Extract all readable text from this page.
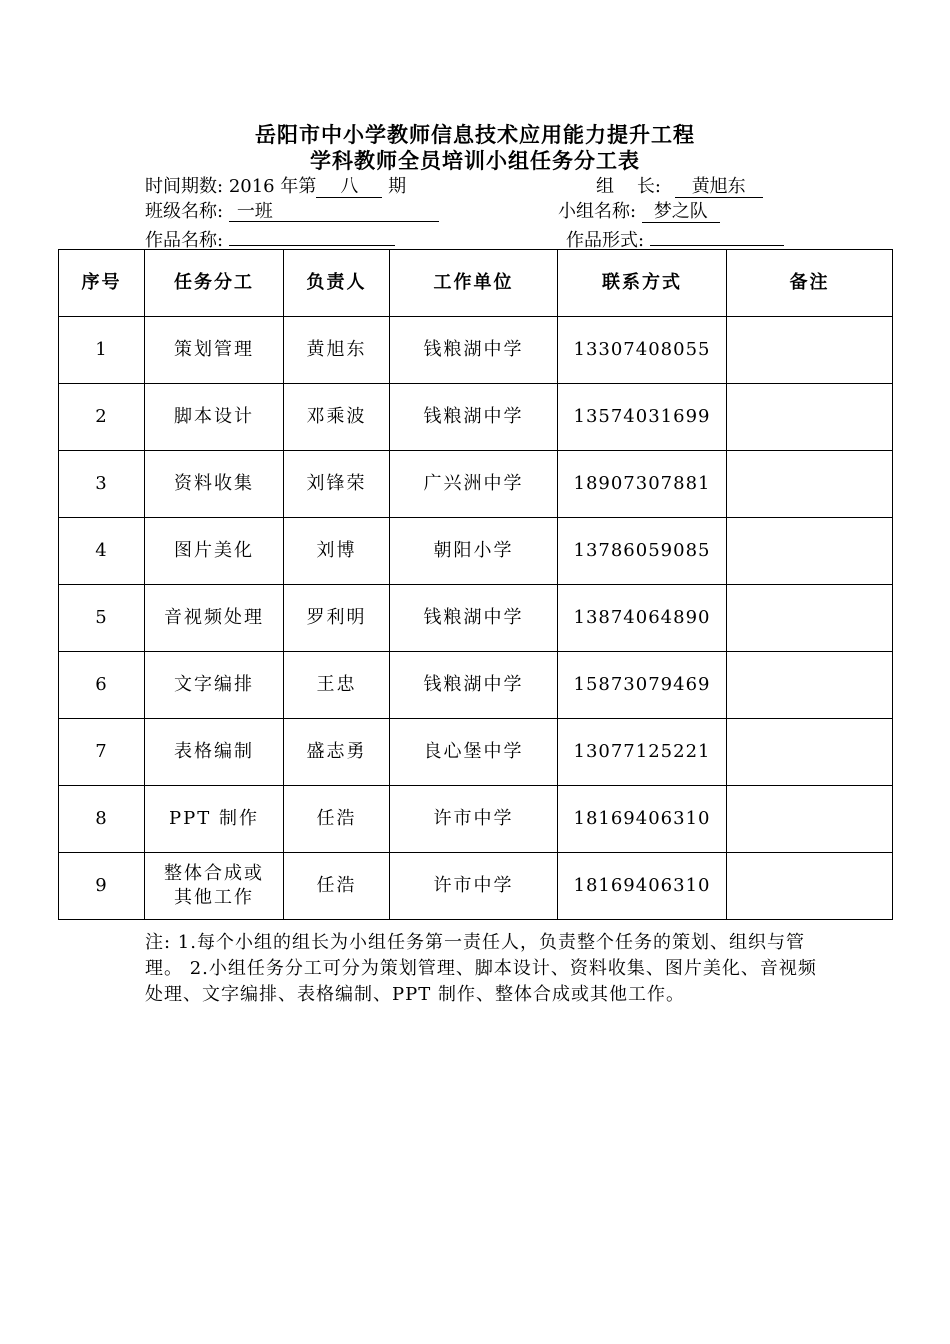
岳阳市中小学教师信息技术应用能力提升工程
学科教师全员培训小组任务分工表
时间期数: 2016 年第 八 期	组    长: 黄旭东
班级名称: 一班	小组名称: 梦之队
作品名称:	作品形式:
序号	任务分工	负责人	工作单位	联系方式	备注
1	策划管理	黄旭东	钱粮湖中学	13307408055	
2	脚本设计	邓乘波	钱粮湖中学	13574031699	
3	资料收集	刘锋荣	广兴洲中学	18907307881	
4	图片美化	刘博	朝阳小学	13786059085	
5	音视频处理	罗利明	钱粮湖中学	13874064890	
6	文字编排	王忠	钱粮湖中学	15873079469	
7	表格编制	盛志勇	良心堡中学	13077125221	
8	PPT 制作	任浩	许市中学	18169406310	
9	整体合成或其他工作	任浩	许市中学	18169406310	
注: 1.每个小组的组长为小组任务第一责任人，负责整个任务的策划、组织与管理。 2.小组任务分工可分为策划管理、脚本设计、资料收集、图片美化、音视频处理、文字编排、表格编制、PPT 制作、整体合成或其他工作。
